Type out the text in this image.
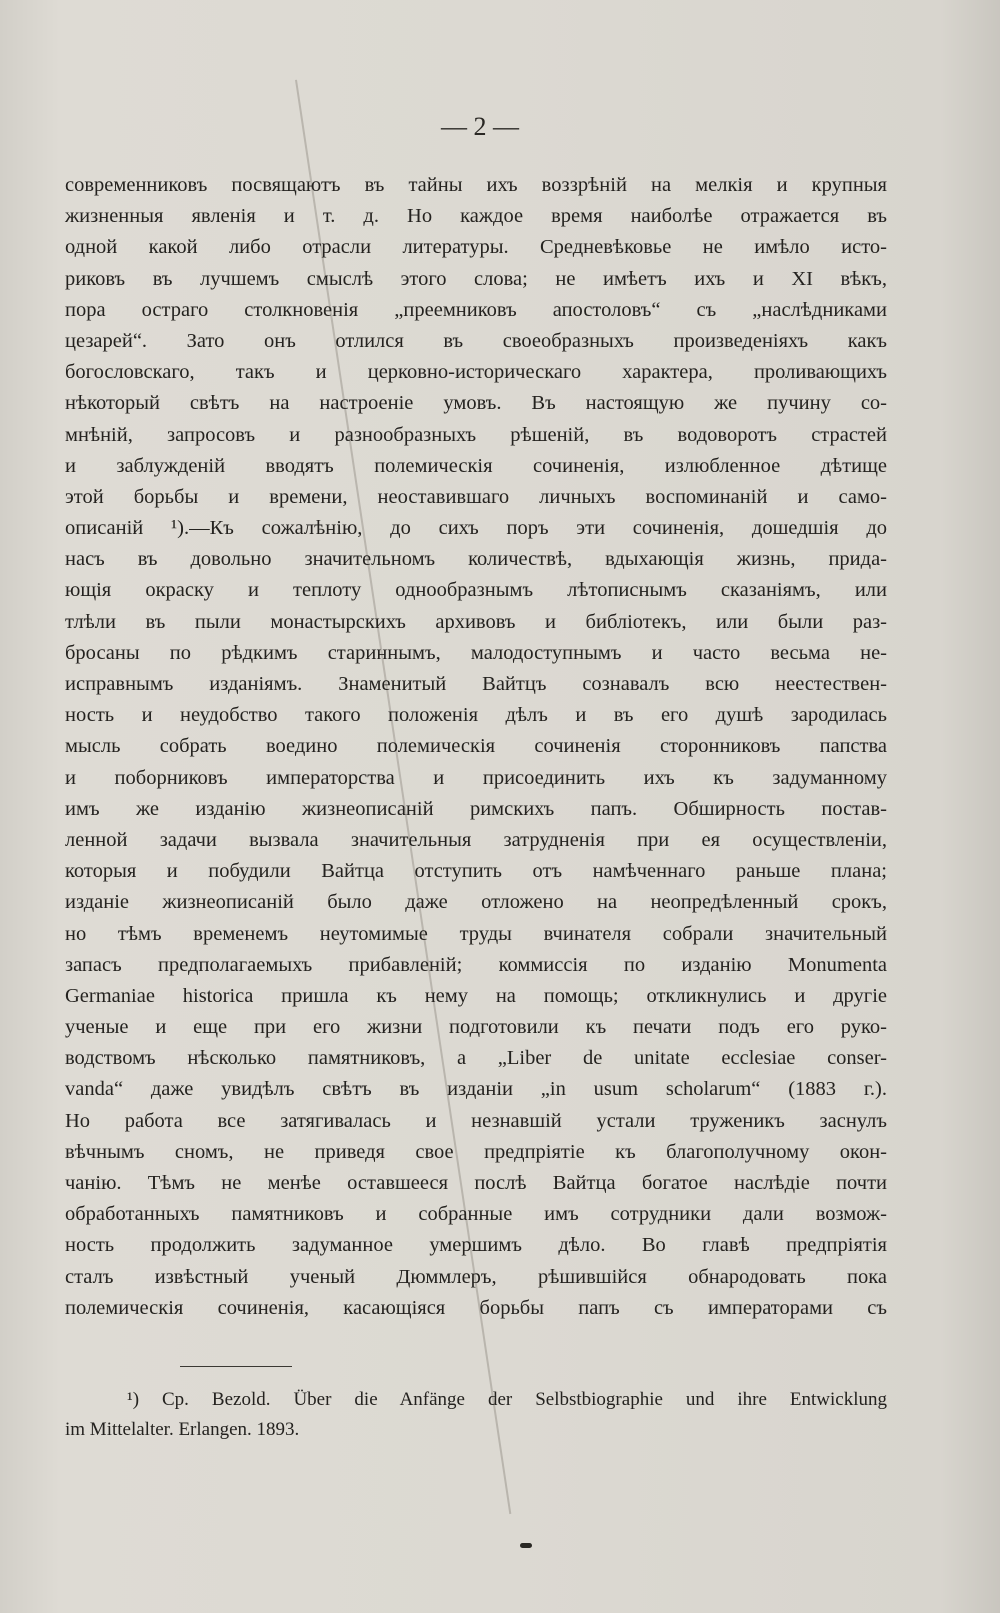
— 2 —
современниковъ посвящаютъ въ тайны ихъ воззрѣній на мелкія и крупныя
жизненныя явленія и т. д. Но каждое время наиболѣе отражается въ
одной какой либо отрасли литературы. Средневѣковье не имѣло исто-
риковъ въ лучшемъ смыслѣ этого слова; не имѣетъ ихъ и XI вѣкъ,
пора остраго столкновенія „преемниковъ апостоловъ“ съ „наслѣдниками
цезарей“. Зато онъ отлился въ своеобразныхъ произведеніяхъ какъ
богословскаго, такъ и церковно-историческаго характера, проливающихъ
нѣкоторый свѣтъ на настроеніе умовъ. Въ настоящую же пучину со-
мнѣній, запросовъ и разнообразныхъ рѣшеній, въ водоворотъ страстей
и заблужденій вводятъ полемическія сочиненія, излюбленное дѣтище
этой борьбы и времени, неоставившаго личныхъ воспоминаній и само-
описаній ¹).—Къ сожалѣнію, до сихъ поръ эти сочиненія, дошедшія до
насъ въ довольно значительномъ количествѣ, вдыхающія жизнь, прида-
ющія окраску и теплоту однообразнымъ лѣтописнымъ сказаніямъ, или
тлѣли въ пыли монастырскихъ архивовъ и библіотекъ, или были раз-
бросаны по рѣдкимъ стариннымъ, малодоступнымъ и часто весьма не-
исправнымъ изданіямъ. Знаменитый Вайтцъ сознавалъ всю неестествен-
ность и неудобство такого положенія дѣлъ и въ его душѣ зародилась
мысль собрать воедино полемическія сочиненія сторонниковъ папства
и поборниковъ императорства и присоединить ихъ къ задуманному
имъ же изданію жизнеописаній римскихъ папъ. Обширность постав-
ленной задачи вызвала значительныя затрудненія при ея осуществленіи,
которыя и побудили Вайтца отступить отъ намѣченнаго раньше плана;
изданіе жизнеописаній было даже отложено на неопредѣленный срокъ,
но тѣмъ временемъ неутомимые труды вчинателя собрали значительный
запасъ предполагаемыхъ прибавленій; коммиссія по изданію Monumenta
Germaniae historica пришла къ нему на помощь; откликнулись и другіе
ученые и еще при его жизни подготовили къ печати подъ его руко-
водствомъ нѣсколько памятниковъ, а „Liber de unitate ecclesiae conser-
vanda“ даже увидѣлъ свѣтъ въ изданіи „in usum scholarum“ (1883 г.).
Но работа все затягивалась и незнавшій устали труженикъ заснулъ
вѣчнымъ сномъ, не приведя свое предпріятіе къ благополучному окон-
чанію. Тѣмъ не менѣе оставшееся послѣ Вайтца богатое наслѣдіе почти
обработанныхъ памятниковъ и собранные имъ сотрудники дали возмож-
ность продолжить задуманное умершимъ дѣло. Во главѣ предпріятія
сталъ извѣстный ученый Дюммлеръ, рѣшившійся обнародовать пока
полемическія сочиненія, касающіяся борьбы папъ съ императорами съ
¹) Cp. Bezold. Über die Anfänge der Selbstbiographie und ihre Entwicklung
im Mittelalter. Erlangen. 1893.
